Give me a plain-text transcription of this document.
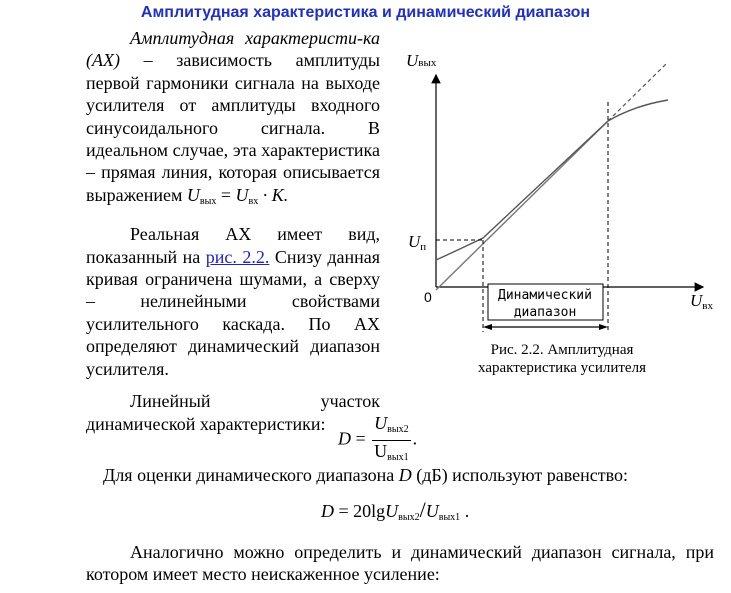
Амплитудная характеристика и динамический диапазон

Амплитудная характеристи-ка (АХ) – зависимость амплитуды первой гармоники сигнала на выходе усилителя от амплитуды входного синусоидального сигнала. В идеальном случае, эта характеристика – прямая линия, которая описывается выражением $U_{вых} = U_{вх} \cdot K$.

Реальная АХ имеет вид, показанный на рис. 2.2. Снизу данная кривая ограничена шумами, а сверху – нелинейными свойствами усилительного каскада. По АХ определяют динамический диапазон усилителя.

Линейный участок динамической характеристики:

Uвых
Uвх
0
Uп
Динамический
диапазон
Рис. 2.2. Амплитудная характеристика усилителя
$D = \frac{U_{вых2}}{U_{вых1}}$ .
Для оценки динамического диапазона D (дБ) используют равенство:
$D = 20\lg U_{вых2}/U_{вых1}$ .

Аналогично можно определить и динамический диапазон сигнала, при котором имеет место неискаженное усиление:
